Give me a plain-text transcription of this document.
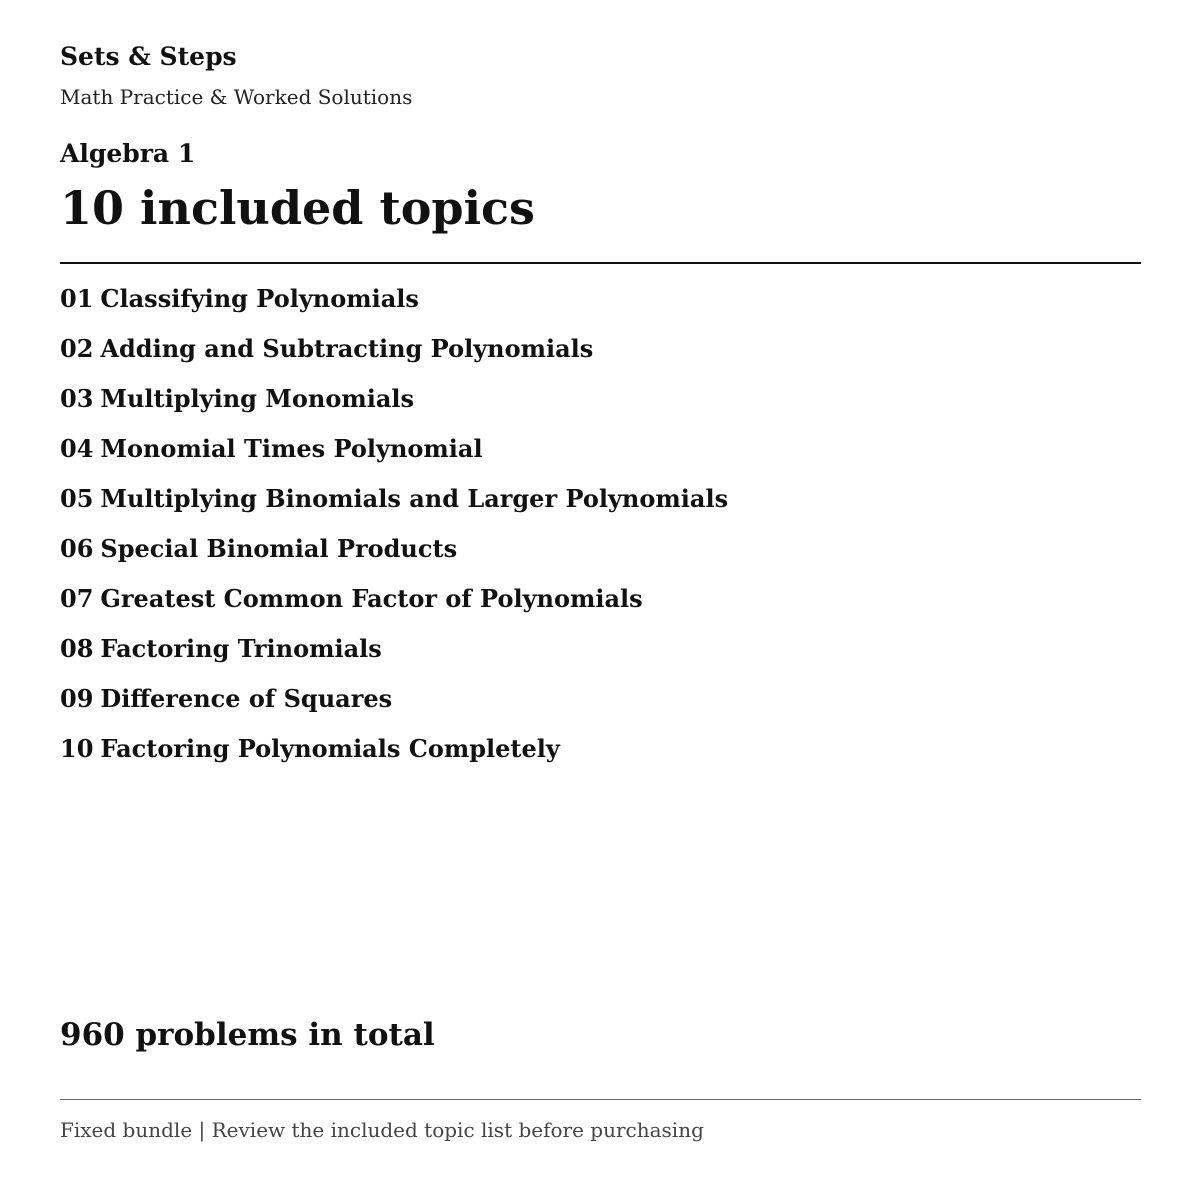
Sets & Steps
Math Practice & Worked Solutions
Algebra 1
10 included topics
01 Classifying Polynomials
02 Adding and Subtracting Polynomials
03 Multiplying Monomials
04 Monomial Times Polynomial
05 Multiplying Binomials and Larger Polynomials
06 Special Binomial Products
07 Greatest Common Factor of Polynomials
08 Factoring Trinomials
09 Difference of Squares
10 Factoring Polynomials Completely
960 problems in total
Fixed bundle | Review the included topic list before purchasing
